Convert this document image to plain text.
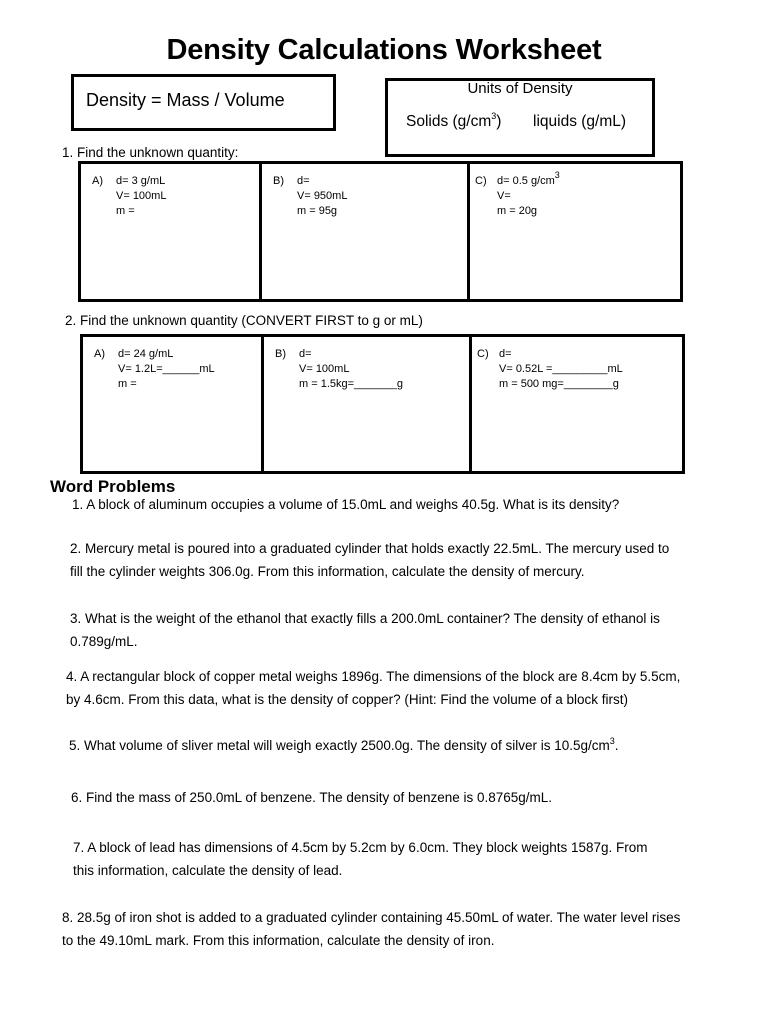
Density Calculations Worksheet
Density = Mass / Volume
Units of Density
Solids $(g/cm^3)$ liquids (g/mL)
1. Find the unknown quantity:
A) d= 3 g/mL
V= 100mL
m =
B) d=
V= 950mL
m = 95g
C) d= 0.5 $g/cm^3$
V=
m = 20g
2. Find the unknown quantity (CONVERT FIRST to g or mL)
A) d= 24 g/mL
V= 1.2L=______mL
m =
B) d=
V= 100mL
m = 1.5kg=_______g
C) d=
V= 0.52L =_________mL
m = 500 mg=________g
Word Problems
1. A block of aluminum occupies a volume of 15.0mL and weighs 40.5g. What is its density?
2. Mercury metal is poured into a graduated cylinder that holds exactly 22.5mL. The mercury used to
fill the cylinder weights 306.0g. From this information, calculate the density of mercury.
3. What is the weight of the ethanol that exactly fills a 200.0mL container? The density of ethanol is
0.789g/mL.
4. A rectangular block of copper metal weighs 1896g. The dimensions of the block are 8.4cm by 5.5cm,
by 4.6cm. From this data, what is the density of copper? (Hint: Find the volume of a block first)
5. What volume of sliver metal will weigh exactly 2500.0g. The density of silver is $10.5g/cm^3$.
6. Find the mass of 250.0mL of benzene. The density of benzene is 0.8765g/mL.
7. A block of lead has dimensions of 4.5cm by 5.2cm by 6.0cm. They block weights 1587g. From
this information, calculate the density of lead.
8. 28.5g of iron shot is added to a graduated cylinder containing 45.50mL of water. The water level rises
to the 49.10mL mark. From this information, calculate the density of iron.
